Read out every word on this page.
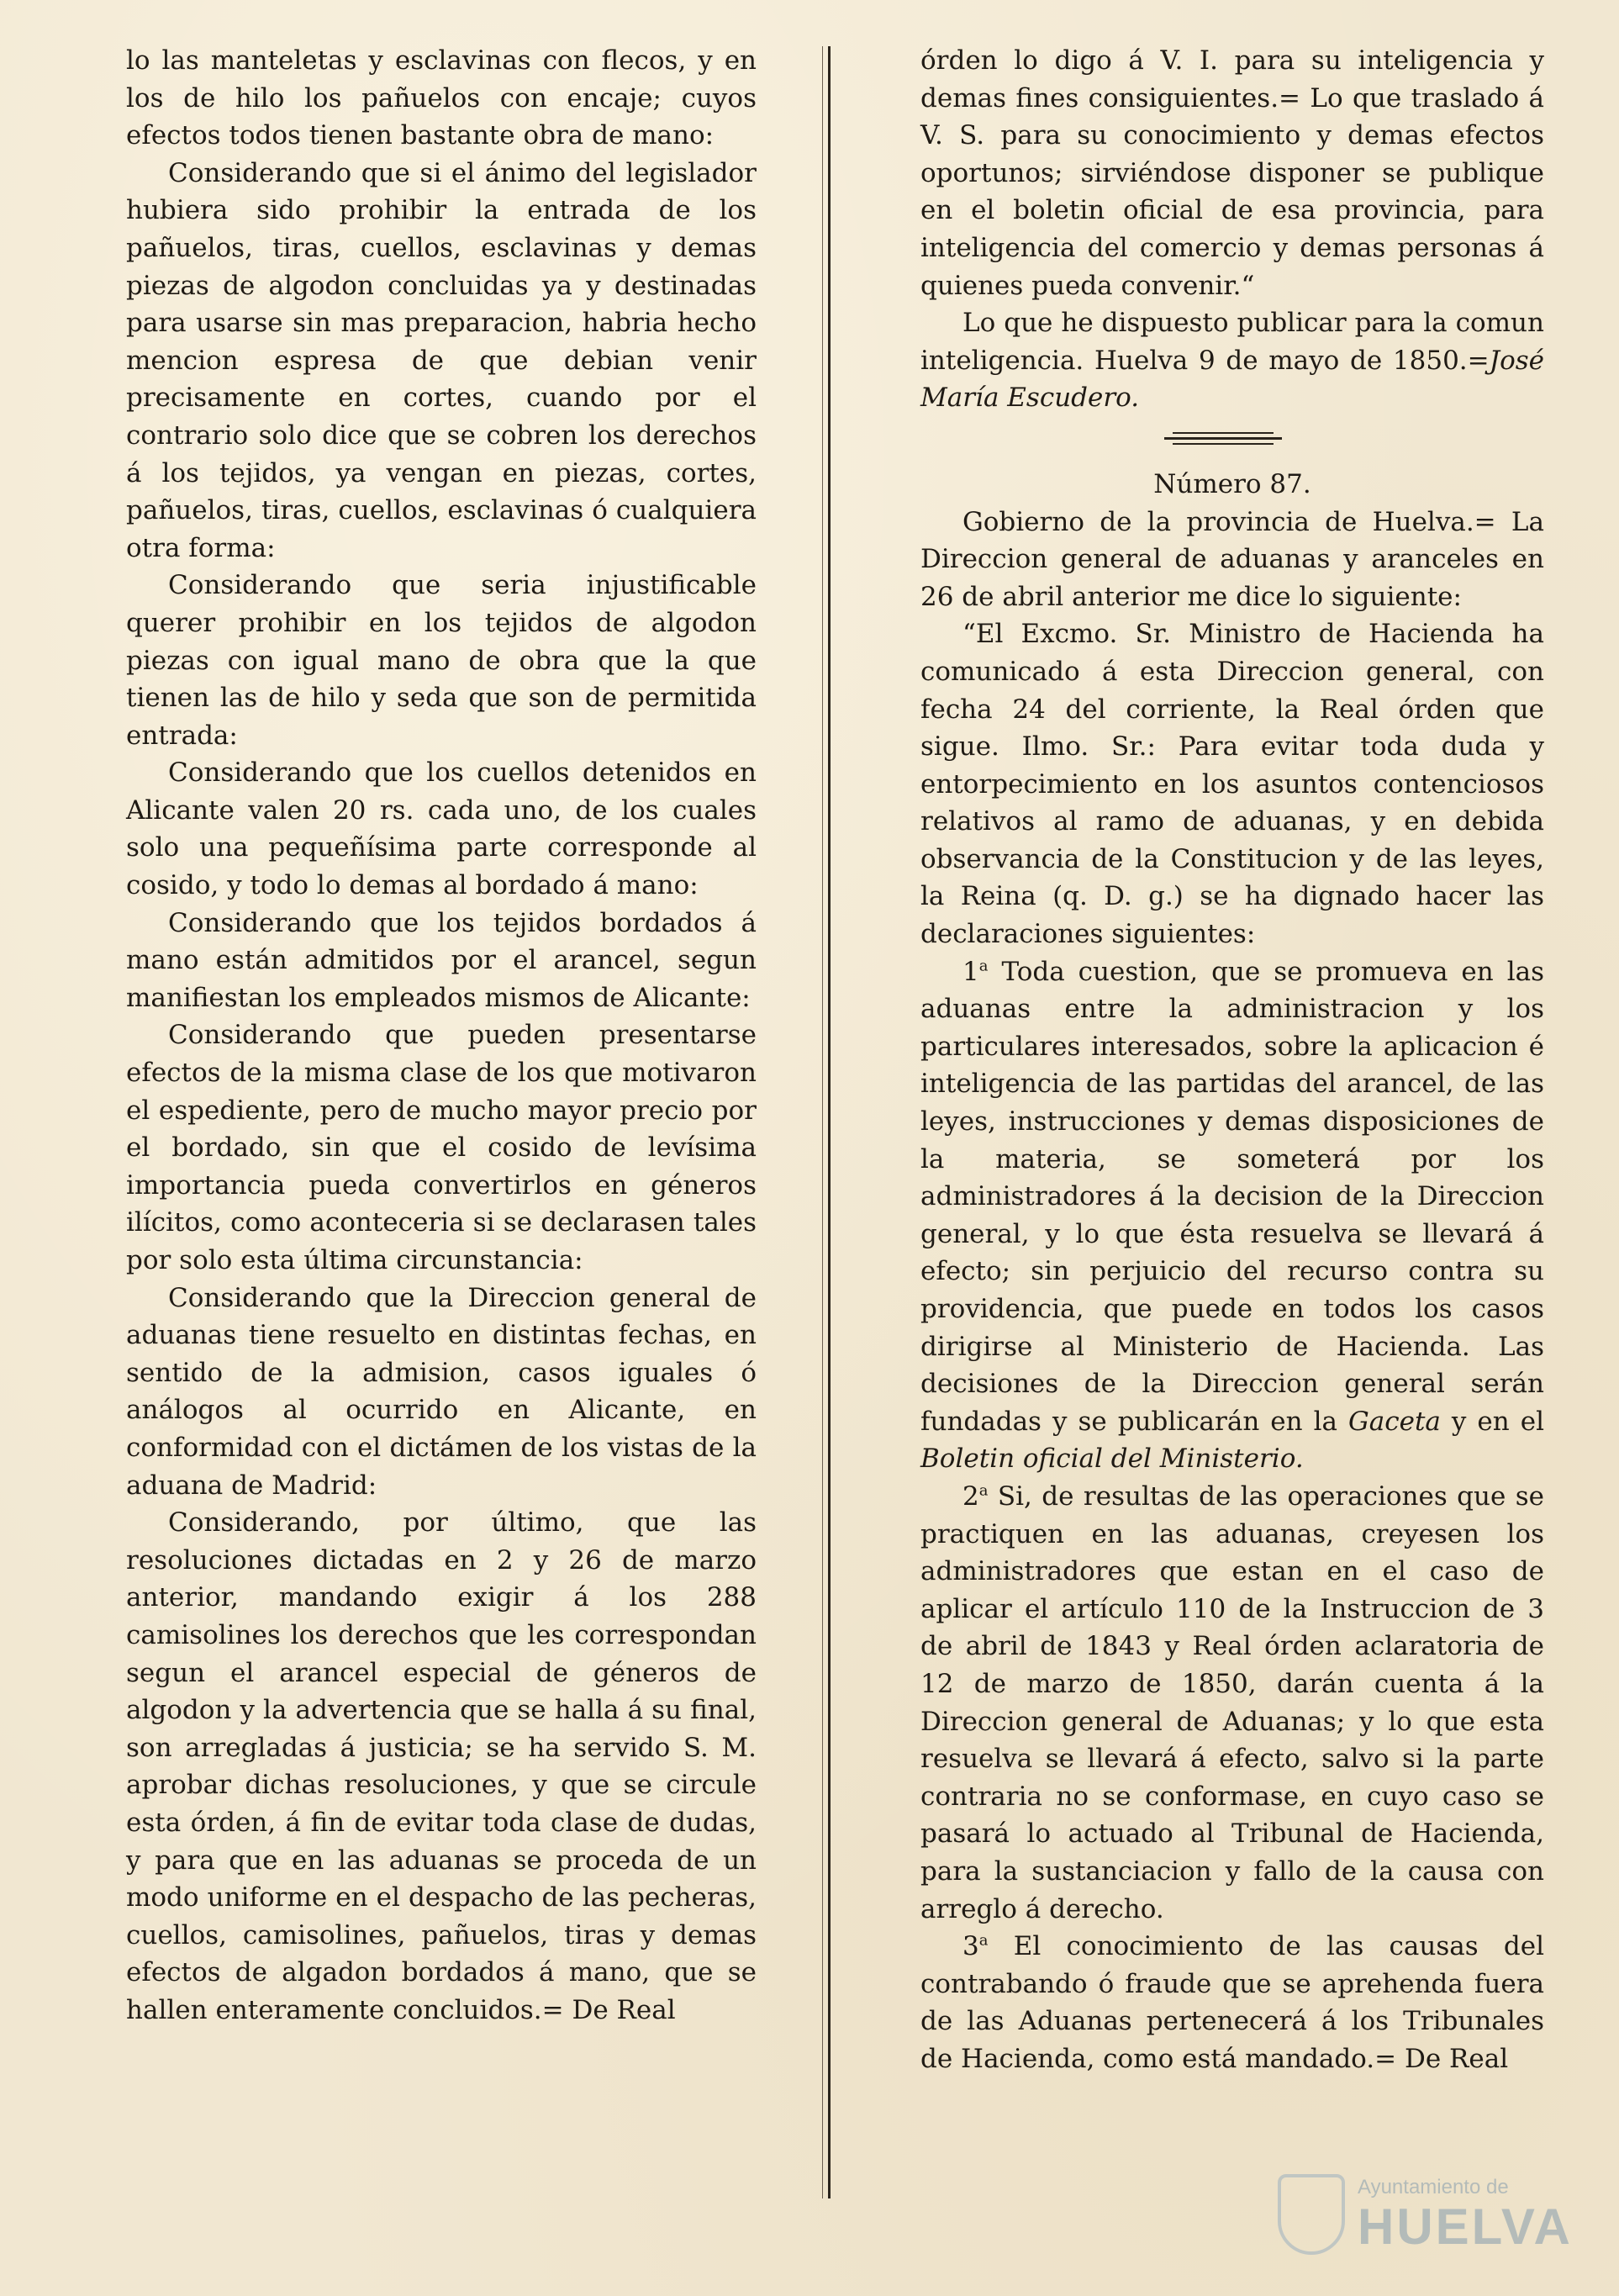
lo las manteletas y esclavinas con flecos, y en los de hilo los pañuelos con encaje; cuyos efectos todos tienen bastante obra de mano:

Considerando que si el ánimo del legislador hubiera sido prohibir la entrada de los pañuelos, tiras, cuellos, esclavinas y demas piezas de algodon concluidas ya y destinadas para usarse sin mas preparacion, habria hecho mencion espresa de que debian venir precisamente en cortes, cuando por el contrario solo dice que se cobren los derechos á los tejidos, ya vengan en piezas, cortes, pañuelos, tiras, cuellos, esclavinas ó cualquiera otra forma:

Considerando que seria injustificable querer prohibir en los tejidos de algodon piezas con igual mano de obra que la que tienen las de hilo y seda que son de permitida entrada:

Considerando que los cuellos detenidos en Alicante valen 20 rs. cada uno, de los cuales solo una pequeñísima parte corresponde al cosido, y todo lo demas al bordado á mano:

Considerando que los tejidos bordados á mano están admitidos por el arancel, segun manifiestan los empleados mismos de Alicante:

Considerando que pueden presentarse efectos de la misma clase de los que motivaron el espediente, pero de mucho mayor precio por el bordado, sin que el cosido de levísima importancia pueda convertirlos en géneros ilícitos, como aconteceria si se declarasen tales por solo esta última circunstancia:

Considerando que la Direccion general de aduanas tiene resuelto en distintas fechas, en sentido de la admision, casos iguales ó análogos al ocurrido en Alicante, en conformidad con el dictámen de los vistas de la aduana de Madrid:

Considerando, por último, que las resoluciones dictadas en 2 y 26 de marzo anterior, mandando exigir á los 288 camisolines los derechos que les correspondan segun el arancel especial de géneros de algodon y la advertencia que se halla á su final, son arregladas á justicia; se ha servido S. M. aprobar dichas resoluciones, y que se circule esta órden, á fin de evitar toda clase de dudas, y para que en las aduanas se proceda de un modo uniforme en el despacho de las pecheras, cuellos, camisolines, pañuelos, tiras y demas efectos de algadon bordados á mano, que se hallen enteramente concluidos.= De Real

órden lo digo á V. I. para su inteligencia y demas fines consiguientes.= Lo que traslado á V. S. para su conocimiento y demas efectos oportunos; sirviéndose disponer se publique en el boletin oficial de esa provincia, para inteligencia del comercio y demas personas á quienes pueda convenir.“

Lo que he dispuesto publicar para la comun inteligencia. Huelva 9 de mayo de 1850.=José María Escudero.

Número 87.

Gobierno de la provincia de Huelva.= La Direccion general de aduanas y aranceles en 26 de abril anterior me dice lo siguiente:

“El Excmo. Sr. Ministro de Hacienda ha comunicado á esta Direccion general, con fecha 24 del corriente, la Real órden que sigue. Ilmo. Sr.: Para evitar toda duda y entorpecimiento en los asuntos contenciosos relativos al ramo de aduanas, y en debida observancia de la Constitucion y de las leyes, la Reina (q. D. g.) se ha dignado hacer las declaraciones siguientes:

1$^a$ Toda cuestion, que se promueva en las aduanas entre la administracion y los particulares interesados, sobre la aplicacion é inteligencia de las partidas del arancel, de las leyes, instrucciones y demas disposiciones de la materia, se someterá por los administradores á la decision de la Direccion general, y lo que ésta resuelva se llevará á efecto; sin perjuicio del recurso contra su providencia, que puede en todos los casos dirigirse al Ministerio de Hacienda. Las decisiones de la Direccion general serán fundadas y se publicarán en la Gaceta y en el Boletin oficial del Ministerio.

2$^a$ Si, de resultas de las operaciones que se practiquen en las aduanas, creyesen los administradores que estan en el caso de aplicar el artículo 110 de la Instruccion de 3 de abril de 1843 y Real órden aclaratoria de 12 de marzo de 1850, darán cuenta á la Direccion general de Aduanas; y lo que esta resuelva se llevará á efecto, salvo si la parte contraria no se conformase, en cuyo caso se pasará lo actuado al Tribunal de Hacienda, para la sustanciacion y fallo de la causa con arreglo á derecho.

3$^a$ El conocimiento de las causas del contrabando ó fraude que se aprehenda fuera de las Aduanas pertenecerá á los Tribunales de Hacienda, como está mandado.= De Real

Ayuntamiento de
HUELVA
